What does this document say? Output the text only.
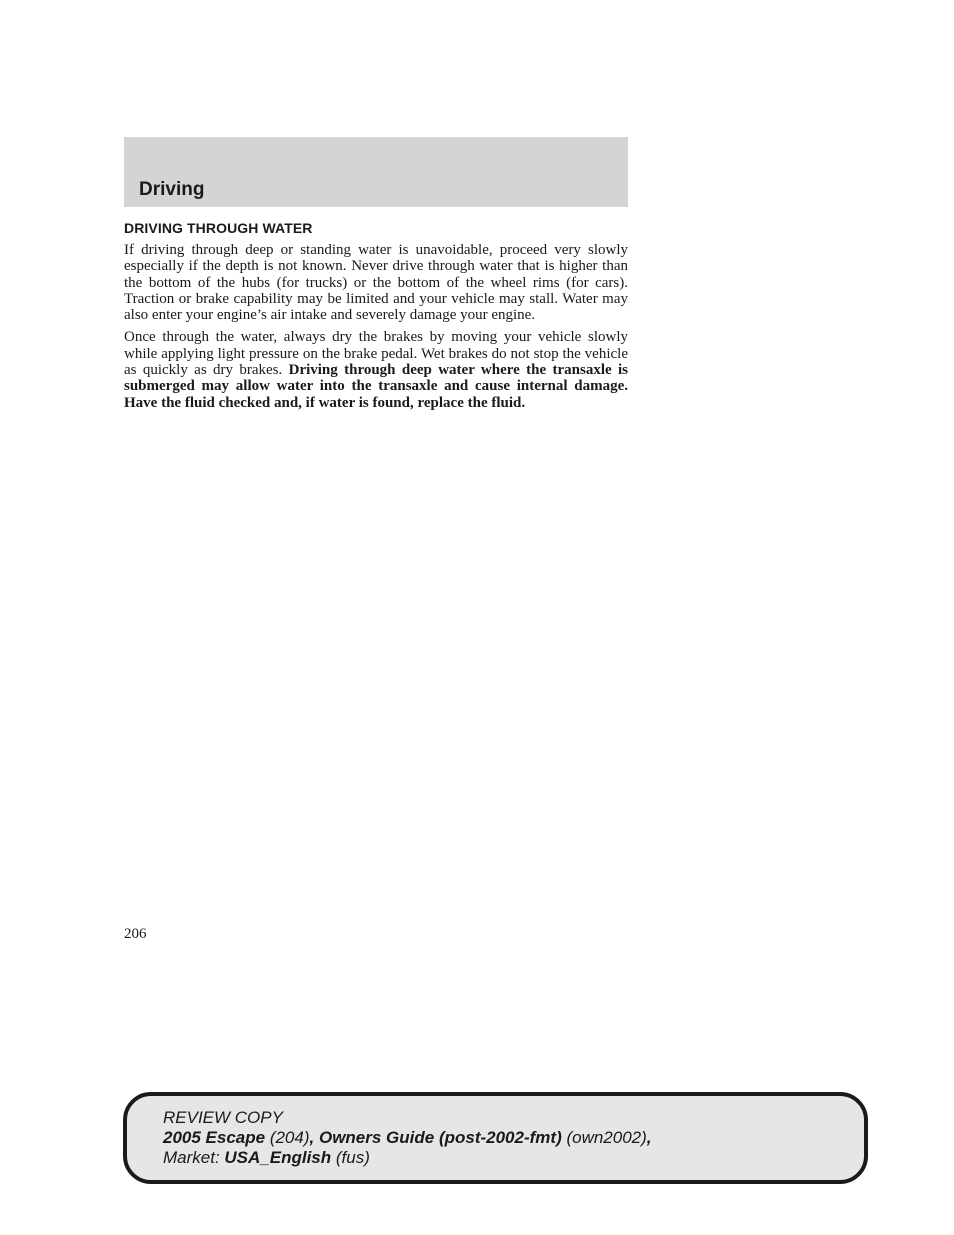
Driving
DRIVING THROUGH WATER

If driving through deep or standing water is unavoidable, proceed very slowly especially if the depth is not known. Never drive through water that is higher than the bottom of the hubs (for trucks) or the bottom of the wheel rims (for cars). Traction or brake capability may be limited and your vehicle may stall. Water may also enter your engine’s air intake and severely damage your engine.

Once through the water, always dry the brakes by moving your vehicle slowly while applying light pressure on the brake pedal. Wet brakes do not stop the vehicle as quickly as dry brakes. Driving through deep water where the transaxle is submerged may allow water into the transaxle and cause internal damage. Have the fluid checked and, if water is found, replace the fluid.

206
REVIEW COPY
2005 Escape (204), Owners Guide (post-2002-fmt) (own2002),
Market: USA_English (fus)
